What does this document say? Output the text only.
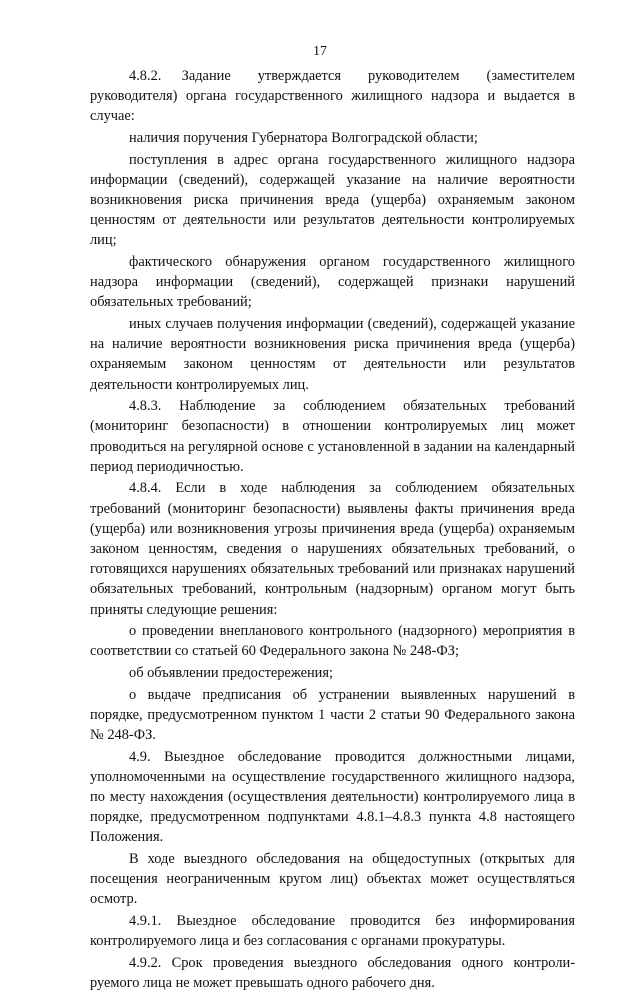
17

4.8.2.   Задание    утверждается    руководителем    (заместителем руководителя) органа государственного жилищного надзора и выдается в случае:

наличия поручения Губернатора Волгоградской области;

поступления в адрес органа государственного жилищного надзора информации (сведений), содержащей указание на наличие вероятности возникновения риска причинения вреда (ущерба) охраняемым законом ценностям от деятельности или результатов деятельности контролируемых лиц;

фактического обнаружения органом государственного жилищного надзора информации (сведений), содержащей признаки нарушений обязательных требований;

иных случаев получения информации (сведений), содержащей указание на наличие вероятности возникновения риска причинения вреда (ущерба) охраняемым законом ценностям от деятельности или результатов деятельности контролируемых лиц.

4.8.3. Наблюдение за соблюдением обязательных требований (мониторинг безопасности) в отношении контролируемых лиц может проводиться на регулярной основе с установленной в задании на календарный период периодичностью.

4.8.4. Если в ходе наблюдения за соблюдением обязательных требований (мониторинг безопасности) выявлены факты причинения вреда (ущерба) или возникновения угрозы причинения вреда (ущерба) охраняемым законом ценностям, сведения о нарушениях обязательных требований, о готовящихся нарушениях обязательных требований или признаках нарушений обязательных требований, контрольным (надзорным) органом могут быть приняты следующие решения:

о проведении внепланового контрольного (надзорного) мероприятия в соответствии со статьей 60 Федерального закона № 248-ФЗ;

об объявлении предостережения;

о выдаче предписания об устранении выявленных нарушений в порядке, предусмотренном пунктом 1 части 2 статьи 90 Федерального закона № 248-ФЗ.

4.9. Выездное обследование проводится должностными лицами, уполномоченными на осуществление государственного жилищного надзора, по месту нахождения (осуществления деятельности) контролируемого лица в порядке, предусмотренном подпунктами 4.8.1–4.8.3 пункта 4.8 настоящего Положения.

В ходе выездного обследования на общедоступных (открытых для посещения неограниченным кругом лиц) объектах может осуществляться осмотр.

4.9.1. Выездное обследование проводится без информирования контролируемого лица и без согласования с органами прокуратуры.

4.9.2. Срок проведения выездного обследования одного контролируемого лица не может превышать одного рабочего дня.
